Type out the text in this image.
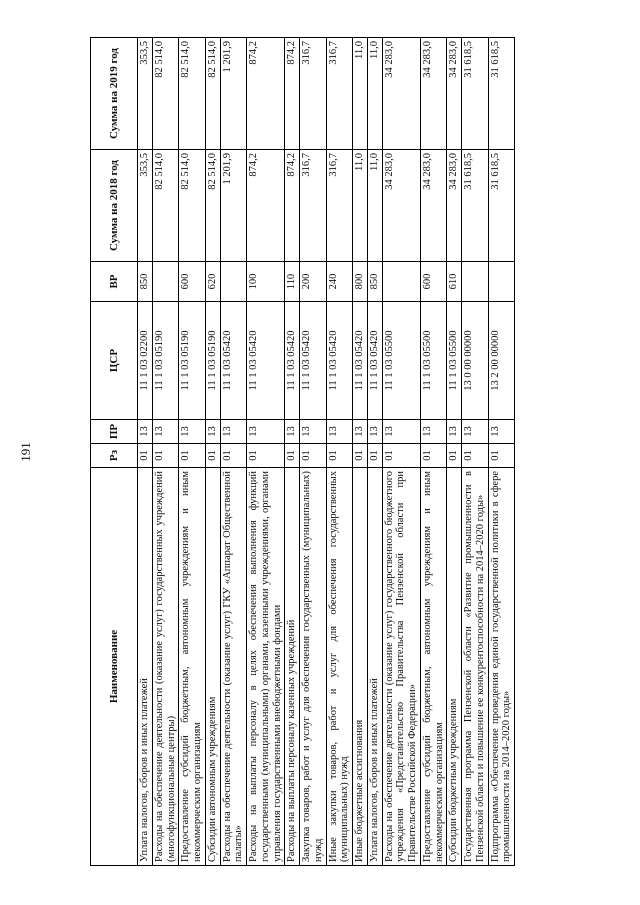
191
Наименование	Рз	ПР	ЦСР	ВР	Сумма на 2018 год	Сумма на 2019 год
Уплата налогов, сборов и иных платежей	01	13	11 1 03 02200	850	353,5	353,5
Расходы на обеспечение деятельности (оказание услуг) государственных учреждений (многофункциональные центры)	01	13	11 1 03 05190		82 514,0	82 514,0
Предоставление субсидий бюджетным, автономным учреждениям и иным некоммерческим организациям	01	13	11 1 03 05190	600	82 514,0	82 514,0
Субсидии автономным учреждениям	01	13	11 1 03 05190	620	82 514,0	82 514,0
Расходы на обеспечение деятельности (оказание услуг) ГКУ «Аппарат Общественной палаты»	01	13	11 1 03 05420		1 201,9	1 201,9
Расходы на выплаты персоналу в целях обеспечения выполнения функций государственными (муниципальными) органами, казенными учреждениями, органами управления государственными внебюджетными фондами	01	13	11 1 03 05420	100	874,2	874,2
Расходы на выплаты персоналу казенных учреждений	01	13	11 1 03 05420	110	874,2	874,2
Закупка товаров, работ и услуг для обеспечения государственных (муниципальных) нужд	01	13	11 1 03 05420	200	316,7	316,7
Иные закупки товаров, работ и услуг для обеспечения государственных (муниципальных) нужд	01	13	11 1 03 05420	240	316,7	316,7
Иные бюджетные ассигнования	01	13	11 1 03 05420	800	11,0	11,0
Уплата налогов, сборов и иных платежей	01	13	11 1 03 05420	850	11,0	11,0
Расходы на обеспечение деятельности (оказание услуг) государственного бюджетного учреждения «Представительство Правительства Пензенской области при Правительстве Российской Федерации»	01	13	11 1 03 05500		34 283,0	34 283,0
Предоставление субсидий бюджетным, автономным учреждениям и иным некоммерческим организациям	01	13	11 1 03 05500	600	34 283,0	34 283,0
Субсидии бюджетным учреждениям	01	13	11 1 03 05500	610	34 283,0	34 283,0
Государственная программа Пензенской области «Развитие промышленности в Пензенской области и повышение ее конкурентоспособности на 2014–2020 годы»	01	13	13 0 00 00000		31 618,5	31 618,5
Подпрограмма «Обеспечение проведения единой государственной политики в сфере промышленности на 2014–2020 годы»	01	13	13 2 00 00000		31 618,5	31 618,5
